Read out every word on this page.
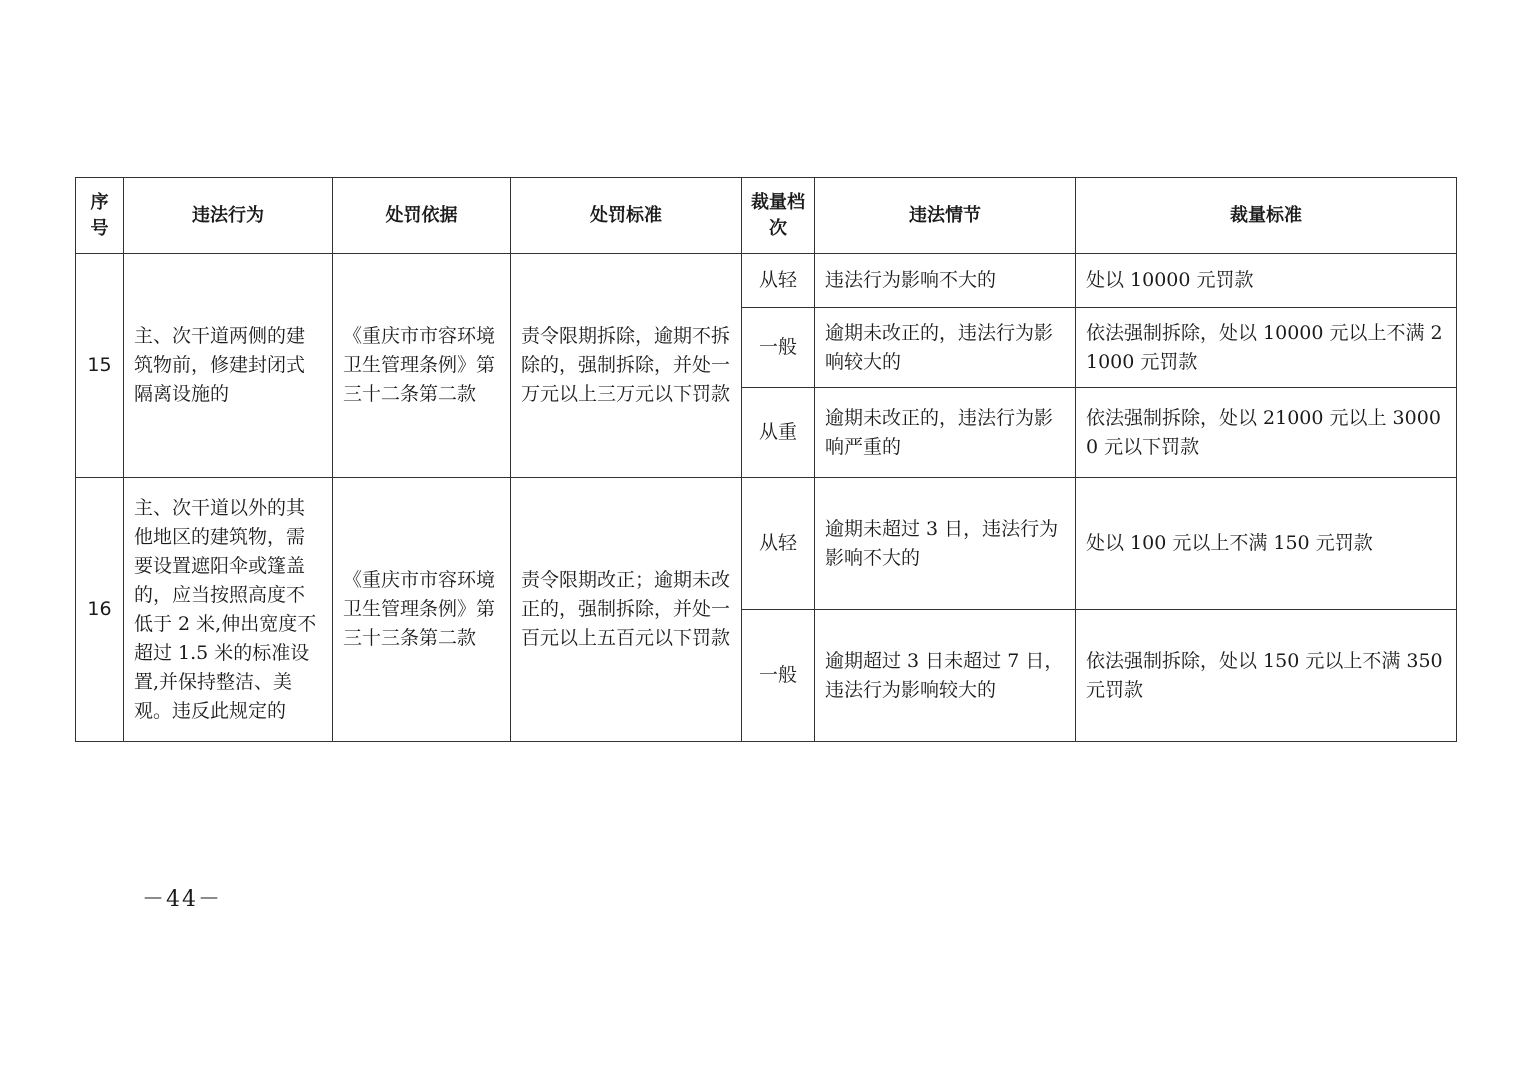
序号	违法行为	处罚依据	处罚标准	裁量档次	违法情节	裁量标准
15	主、次干道两侧的建筑物前，修建封闭式隔离设施的	《重庆市市容环境卫生管理条例》第三十二条第二款	责令限期拆除，逾期不拆除的，强制拆除，并处一万元以上三万元以下罚款	从轻	违法行为影响不大的	处以 10000 元罚款
				一般	逾期未改正的，违法行为影响较大的	依法强制拆除，处以 10000 元以上不满 21000 元罚款
				从重	逾期未改正的，违法行为影响严重的	依法强制拆除，处以 21000 元以上 30000 元以下罚款
16	主、次干道以外的其他地区的建筑物，需要设置遮阳伞或篷盖的，应当按照高度不低于 2 米,伸出宽度不超过 1.5 米的标准设置,并保持整洁、美观。违反此规定的	《重庆市市容环境卫生管理条例》第三十三条第二款	责令限期改正；逾期未改正的，强制拆除，并处一百元以上五百元以下罚款	从轻	逾期未超过 3 日，违法行为影响不大的	处以 100 元以上不满 150 元罚款
				一般	逾期超过 3 日未超过 7 日，违法行为影响较大的	依法强制拆除，处以 150 元以上不满 350 元罚款
－44－
